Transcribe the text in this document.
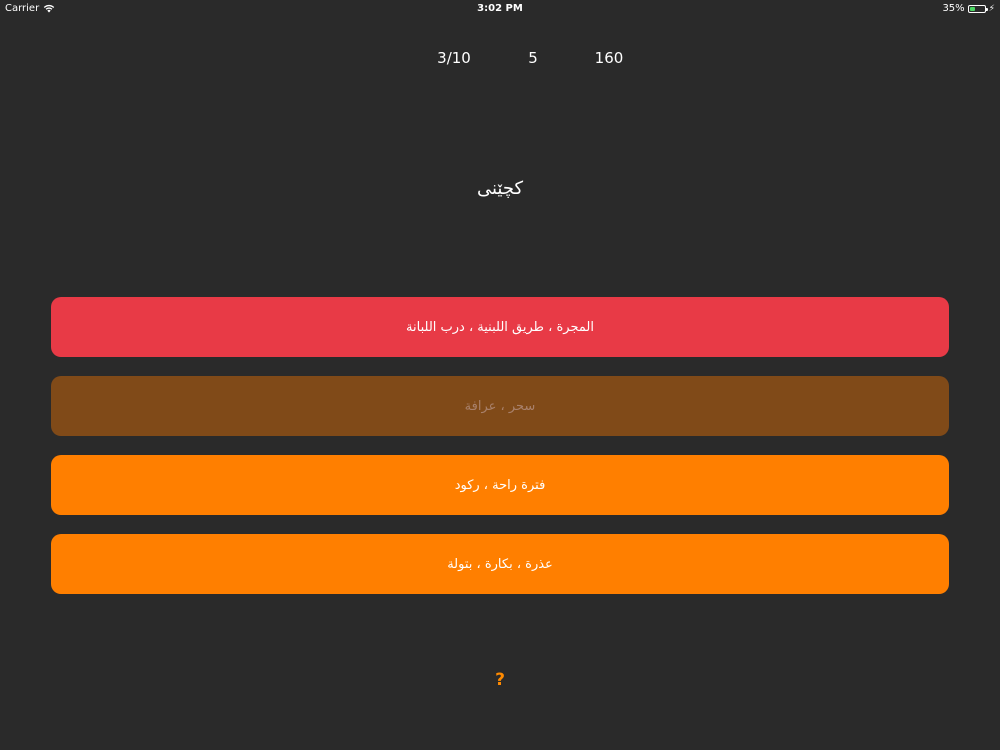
Carrier	3:02 PM	35%	⚡
3/10	5	160
کچێنی
المجرة ، طريق اللبنية ، درب اللبانة
سحر ، عرافة
فترة راحة ، ركود
عذرة ، بكارة ، بتولة
?
